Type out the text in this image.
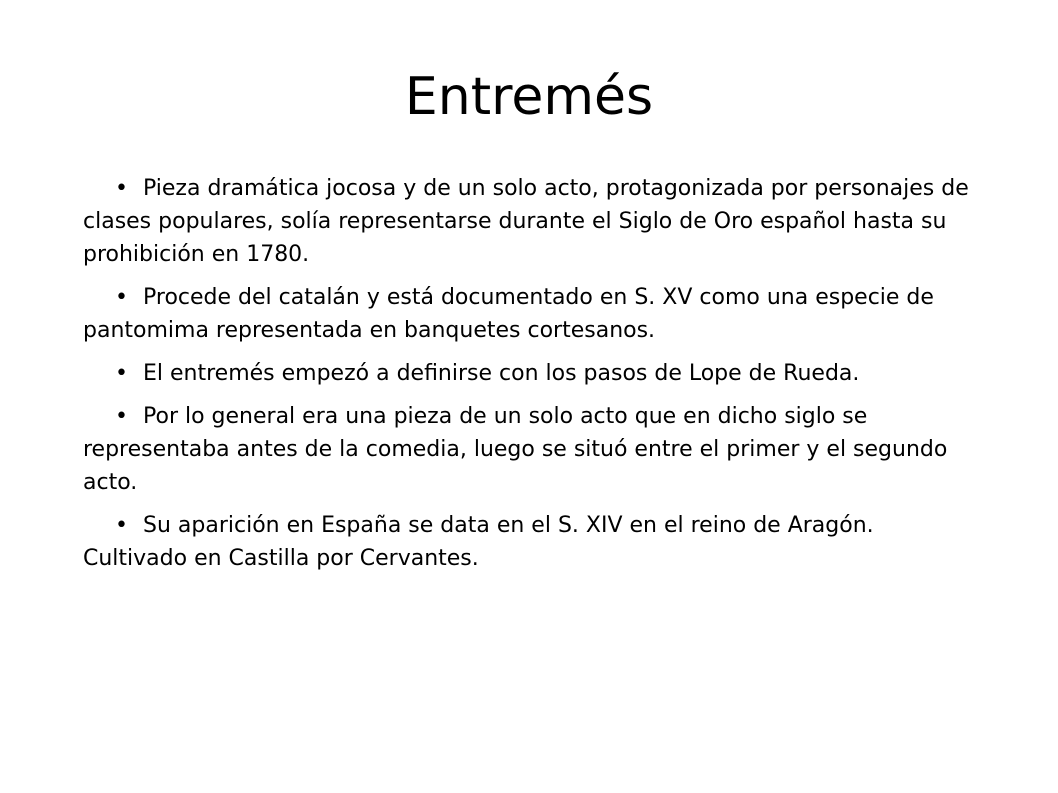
Entremés

• Pieza dramática jocosa y de un solo acto, protagonizada por personajes de clases populares, solía representarse durante el Siglo de Oro español hasta su prohibición en 1780.

• Procede del catalán y está documentado en S. XV como una especie de pantomima representada en banquetes cortesanos.

• El entremés empezó a definirse con los pasos de Lope de Rueda.

• Por lo general era una pieza de un solo acto que en dicho siglo se representaba antes de la comedia, luego se situó entre el primer y el segundo acto.

• Su aparición en España se data en el S. XIV en el reino de Aragón. Cultivado en Castilla por Cervantes.
